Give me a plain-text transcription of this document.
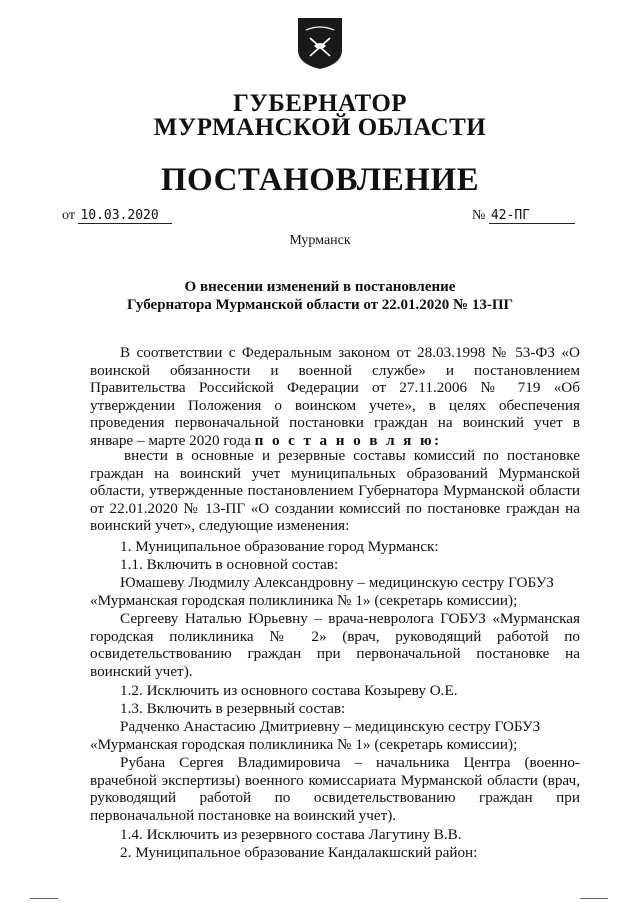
ГУБЕРНАТОР
МУРМАНСКОЙ ОБЛАСТИ
ПОСТАНОВЛЕНИЕ
от 10.03.2020	№ 42-ПГ
Мурманск
О внесении изменений в постановление
Губернатора Мурманской области от 22.01.2020 № 13-ПГ

В соответствии с Федеральным законом от 28.03.1998 № 53-ФЗ «О воинской обязанности и военной службе» и постановлением Правительства Российской Федерации от 27.11.2006 № 719 «Об утверждении Положения о воинском учете», в целях обеспечения проведения первоначальной постановки граждан на воинский учет в январе – марте 2020 года п о с т а н о в л я ю:

внести в основные и резервные составы комиссий по постановке граждан на воинский учет муниципальных образований Мурманской области, утвержденные постановлением Губернатора Мурманской области от 22.01.2020 № 13-ПГ «О создании комиссий по постановке граждан на воинский учет», следующие изменения:

1. Муниципальное образование город Мурманск:

1.1. Включить в основной состав:

Юмашеву Людмилу Александровну – медицинскую сестру ГОБУЗ

«Мурманская городская поликлиника № 1» (секретарь комиссии);

Сергееву Наталью Юрьевну – врача-невролога ГОБУЗ «Мурманская городская поликлиника № 2» (врач, руководящий работой по освидетельствованию граждан при первоначальной постановке на воинский учет).

1.2. Исключить из основного состава Козыреву О.Е.

1.3. Включить в резервный состав:

Радченко Анастасию Дмитриевну – медицинскую сестру ГОБУЗ

«Мурманская городская поликлиника № 1» (секретарь комиссии);

Рубана Сергея Владимировича – начальника Центра (военно-врачебной экспертизы) военного комиссариата Мурманской области (врач, руководящий работой по освидетельствованию граждан при первоначальной постановке на воинский учет).

1.4. Исключить из резервного состава Лагутину В.В.

2. Муниципальное образование Кандалакшский район:
